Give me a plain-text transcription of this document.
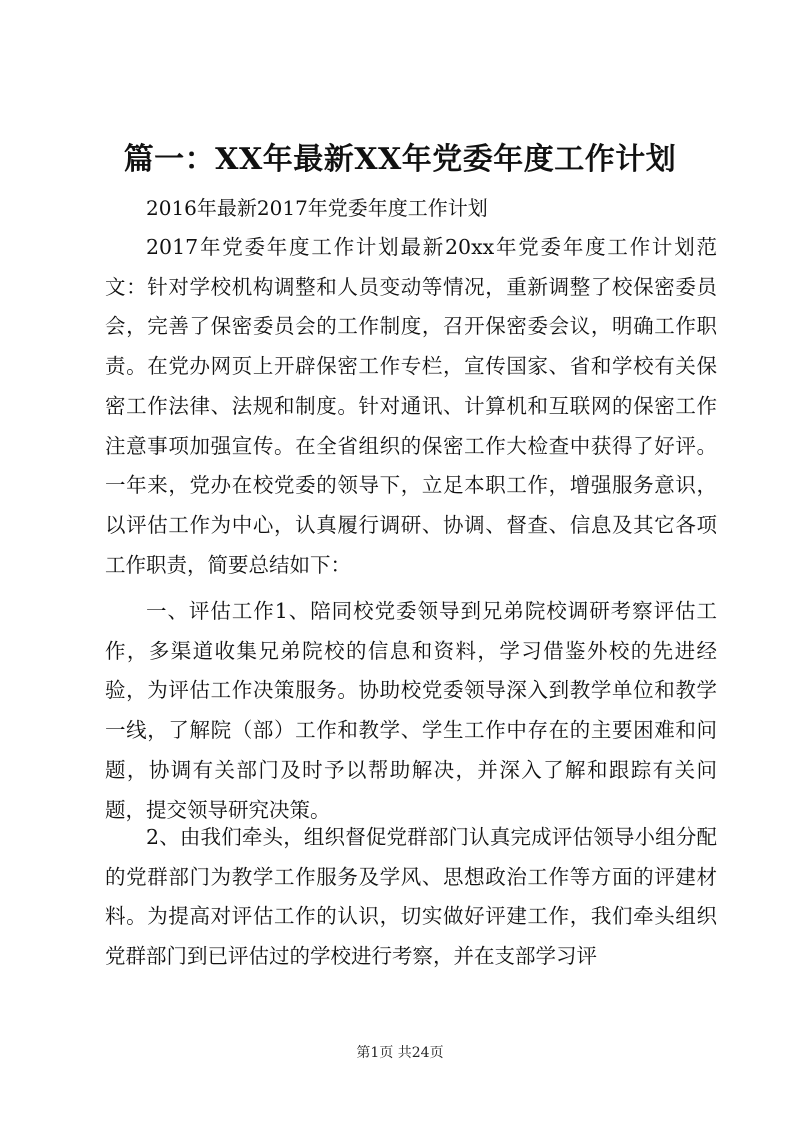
篇一：XX年最新XX年党委年度工作计划

2016年最新2017年党委年度工作计划

2017年党委年度工作计划最新20xx年党委年度工作计划范文：针对学校机构调整和人员变动等情况，重新调整了校保密委员会，完善了保密委员会的工作制度，召开保密委会议，明确工作职责。在党办网页上开辟保密工作专栏，宣传国家、省和学校有关保密工作法律、法规和制度。针对通讯、计算机和互联网的保密工作注意事项加强宣传。在全省组织的保密工作大检查中获得了好评。一年来，党办在校党委的领导下，立足本职工作，增强服务意识，以评估工作为中心，认真履行调研、协调、督查、信息及其它各项工作职责，简要总结如下：

一、评估工作1、陪同校党委领导到兄弟院校调研考察评估工作，多渠道收集兄弟院校的信息和资料，学习借鉴外校的先进经验，为评估工作决策服务。协助校党委领导深入到教学单位和教学一线，了解院（部）工作和教学、学生工作中存在的主要困难和问题，协调有关部门及时予以帮助解决，并深入了解和跟踪有关问题，提交领导研究决策。

2、由我们牵头，组织督促党群部门认真完成评估领导小组分配的党群部门为教学工作服务及学风、思想政治工作等方面的评建材料。为提高对评估工作的认识，切实做好评建工作，我们牵头组织党群部门到已评估过的学校进行考察，并在支部学习评

第1页 共24页
